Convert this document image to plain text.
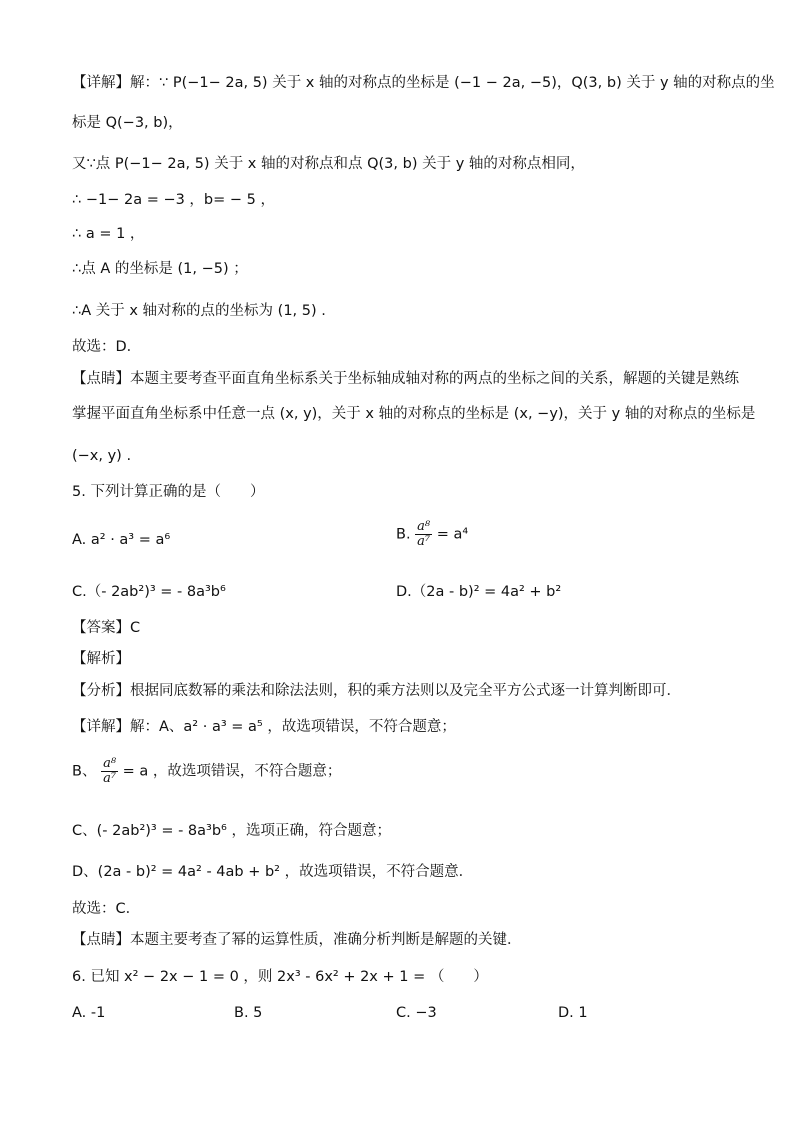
【详解】解：∵ P(−1− 2a, 5) 关于 x 轴的对称点的坐标是 (−1 − 2a, −5)，Q(3, b) 关于 y 轴的对称点的坐
标是 Q(−3, b)，
又∵点 P(−1− 2a, 5) 关于 x 轴的对称点和点 Q(3, b) 关于 y 轴的对称点相同，
∴ −1− 2a = −3 ，b= − 5 ，
∴ a = 1 ，
∴点 A 的坐标是 (1, −5) ；
∴A 关于 x 轴对称的点的坐标为 (1, 5) .
故选：D．
【点睛】本题主要考查平面直角坐标系关于坐标轴成轴对称的两点的坐标之间的关系，解题的关键是熟练
掌握平面直角坐标系中任意一点 (x, y)，关于 x 轴的对称点的坐标是 (x, −y)，关于 y 轴的对称点的坐标是
(−x, y) .
5. 下列计算正确的是（　　）
A. a² · a³ = a⁶	B. $\frac{\text{a⁸}}{\text{a⁷}} = a^4$
C.（- 2ab²)³ = - 8a³b⁶	D.（2a - b)² = 4a² + b²
【答案】C
【解析】
【分析】根据同底数幂的乘法和除法法则，积的乘方法则以及完全平方公式逐一计算判断即可．
【详解】解：A、a² · a³ = a⁵ ，故选项错误，不符合题意；
B、 $\frac{\text{a⁸}}{\text{a⁷}} = a$ ，故选项错误，不符合题意；
C、(- 2ab²)³ = - 8a³b⁶ ，选项正确，符合题意；
D、(2a - b)² = 4a² - 4ab + b² ，故选项错误，不符合题意．
故选：C．
【点睛】本题主要考查了幂的运算性质，准确分析判断是解题的关键．
6. 已知 x² − 2x − 1 = 0 ，则 2x³ - 6x² + 2x + 1 = （　　）
A. -1	B. 5	C. −3	D. 1
